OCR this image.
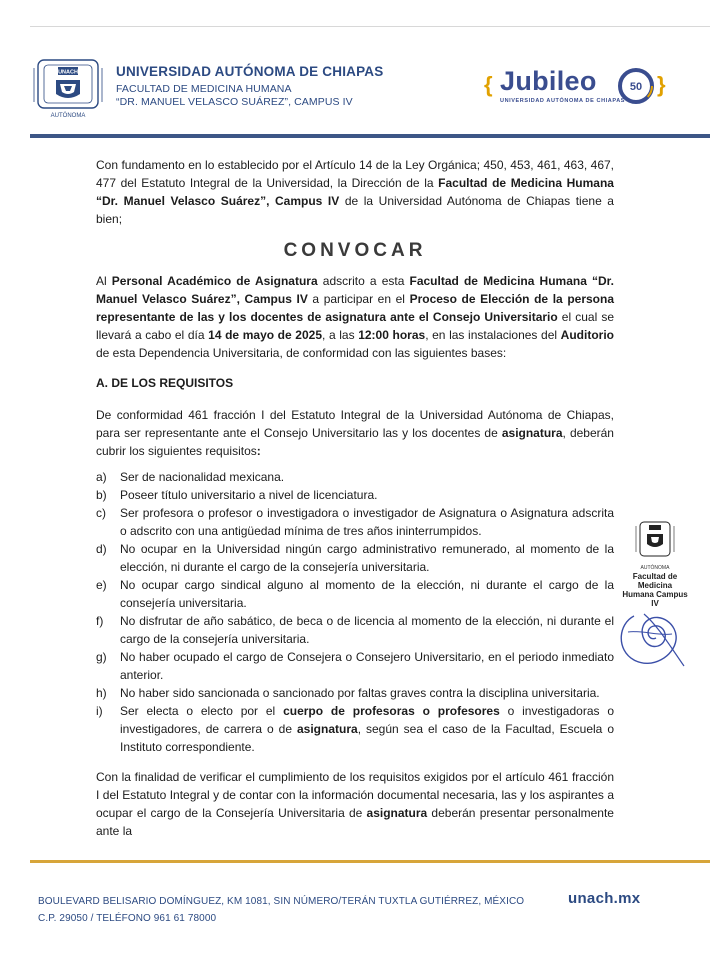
UNACH
AUTÓNOMA
UNIVERSIDAD AUTÓNOMA DE CHIAPAS
FACULTAD DE MEDICINA HUMANA
“DR. MANUEL VELASCO SUÁREZ”, CAMPUS IV
{ Jubileo
UNIVERSIDAD AUTÓNOMA DE CHIAPAS
50 }

Con fundamento en lo establecido por el Artículo 14 de la Ley Orgánica; 450, 453, 461, 463, 467, 477 del Estatuto Integral de la Universidad, la Dirección de la Facultad de Medicina Humana “Dr. Manuel Velasco Suárez”, Campus IV de la Universidad Autónoma de Chiapas tiene a bien;

CONVOCAR

Al Personal Académico de Asignatura adscrito a esta Facultad de Medicina Humana “Dr. Manuel Velasco Suárez”, Campus IV a participar en el Proceso de Elección de la persona representante de las y los docentes de asignatura ante el Consejo Universitario el cual se llevará a cabo el día 14 de mayo de 2025, a las 12:00 horas, en las instalaciones del Auditorio de esta Dependencia Universitaria, de conformidad con las siguientes bases:

A. DE LOS REQUISITOS

De conformidad 461 fracción I del Estatuto Integral de la Universidad Autónoma de Chiapas, para ser representante ante el Consejo Universitario las y los docentes de asignatura, deberán cubrir los siguientes requisitos:

a)	Ser de nacionalidad mexicana.
b)	Poseer título universitario a nivel de licenciatura.
c)	Ser profesora o profesor o investigadora o investigador de Asignatura o Asignatura adscrita o adscrito con una antigüedad mínima de tres años ininterrumpidos.
d)	No ocupar en la Universidad ningún cargo administrativo remunerado, al momento de la elección, ni durante el cargo de la consejería universitaria.
e)	No ocupar cargo sindical alguno al momento de la elección, ni durante el cargo de la consejería universitaria.
f)	No disfrutar de año sabático, de beca o de licencia al momento de la elección, ni durante el cargo de la consejería universitaria.
g)	No haber ocupado el cargo de Consejera o Consejero Universitario, en el periodo inmediato anterior.
h)	No haber sido sancionada o sancionado por faltas graves contra la disciplina universitaria.
i)	Ser electa o electo por el cuerpo de profesoras o profesores o investigadoras o investigadores, de carrera o de asignatura, según sea el caso de la Facultad, Escuela o Instituto correspondiente.

Con la finalidad de verificar el cumplimiento de los requisitos exigidos por el artículo 461 fracción I del Estatuto Integral y de contar con la información documental necesaria, las y los aspirantes a ocupar el cargo de la Consejería Universitaria de asignatura deberán presentar personalmente ante la

AUTÓNOMA
Facultad de
Medicina
Humana Campus
IV
BOULEVARD BELISARIO DOMÍNGUEZ, KM 1081, SIN NÚMERO/TERÁN TUXTLA GUTIÉRREZ, MÉXICO
C.P. 29050 / TELÉFONO 961 61 78000
unach.mx
